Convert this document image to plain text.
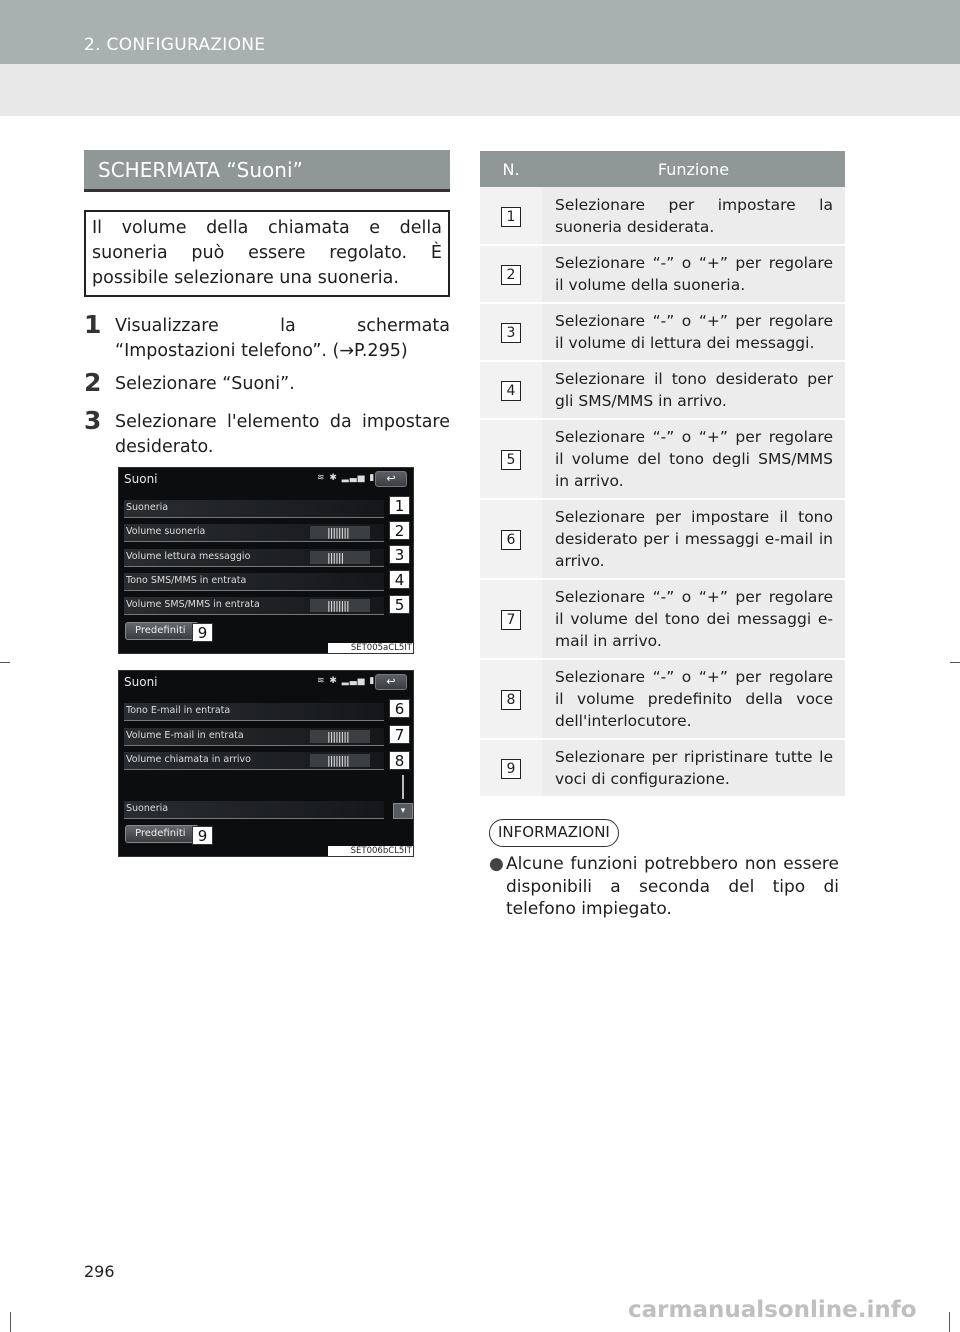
2. CONFIGURAZIONE
SCHERMATA “Suoni”
Il volume della chiamata e della suoneria può essere regolato. È possibile selezionare una suoneria.
1 Visualizzare la schermata “Impostazioni telefono”. (→P.295)
2 Selezionare “Suoni”.
3 Selezionare l'elemento da impostare desiderato.
Suoni	≋ ✱ ▂▃▅ ▮	↩
Suoneria
Volume suoneria	||||||||
Volume lettura messaggio	||||||
Tono SMS/MMS in entrata
Volume SMS/MMS in entrata	||||||||
1
2
3
4
5
Predefiniti 9
SET005aCL5IT
Suoni	≋ ✱ ▂▃▅ ▮	↩
Tono E-mail in entrata
Volume E-mail in entrata	||||||||
Volume chiamata in arrivo	||||||||
Suoneria	▾
6
7
8
Predefiniti 9
SET006bCL5IT
N.	Funzione
1	Selezionare per impostare la suoneria desiderata.
2	Selezionare “-” o “+” per regolare il volume della suoneria.
3	Selezionare “-” o “+” per regolare il volume di lettura dei messaggi.
4	Selezionare il tono desiderato per gli SMS/MMS in arrivo.
5	Selezionare “-” o “+” per regolare il volume del tono degli SMS/MMS in arrivo.
6	Selezionare per impostare il tono desiderato per i messaggi e-mail in arrivo.
7	Selezionare “-” o “+” per regolare il volume del tono dei messaggi e-mail in arrivo.
8	Selezionare “-” o “+” per regolare il volume predefinito della voce dell'interlocutore.
9	Selezionare per ripristinare tutte le voci di configurazione.
INFORMAZIONI
● Alcune funzioni potrebbero non essere disponibili a seconda del tipo di telefono impiegato.
296
carmanualsonline.info
